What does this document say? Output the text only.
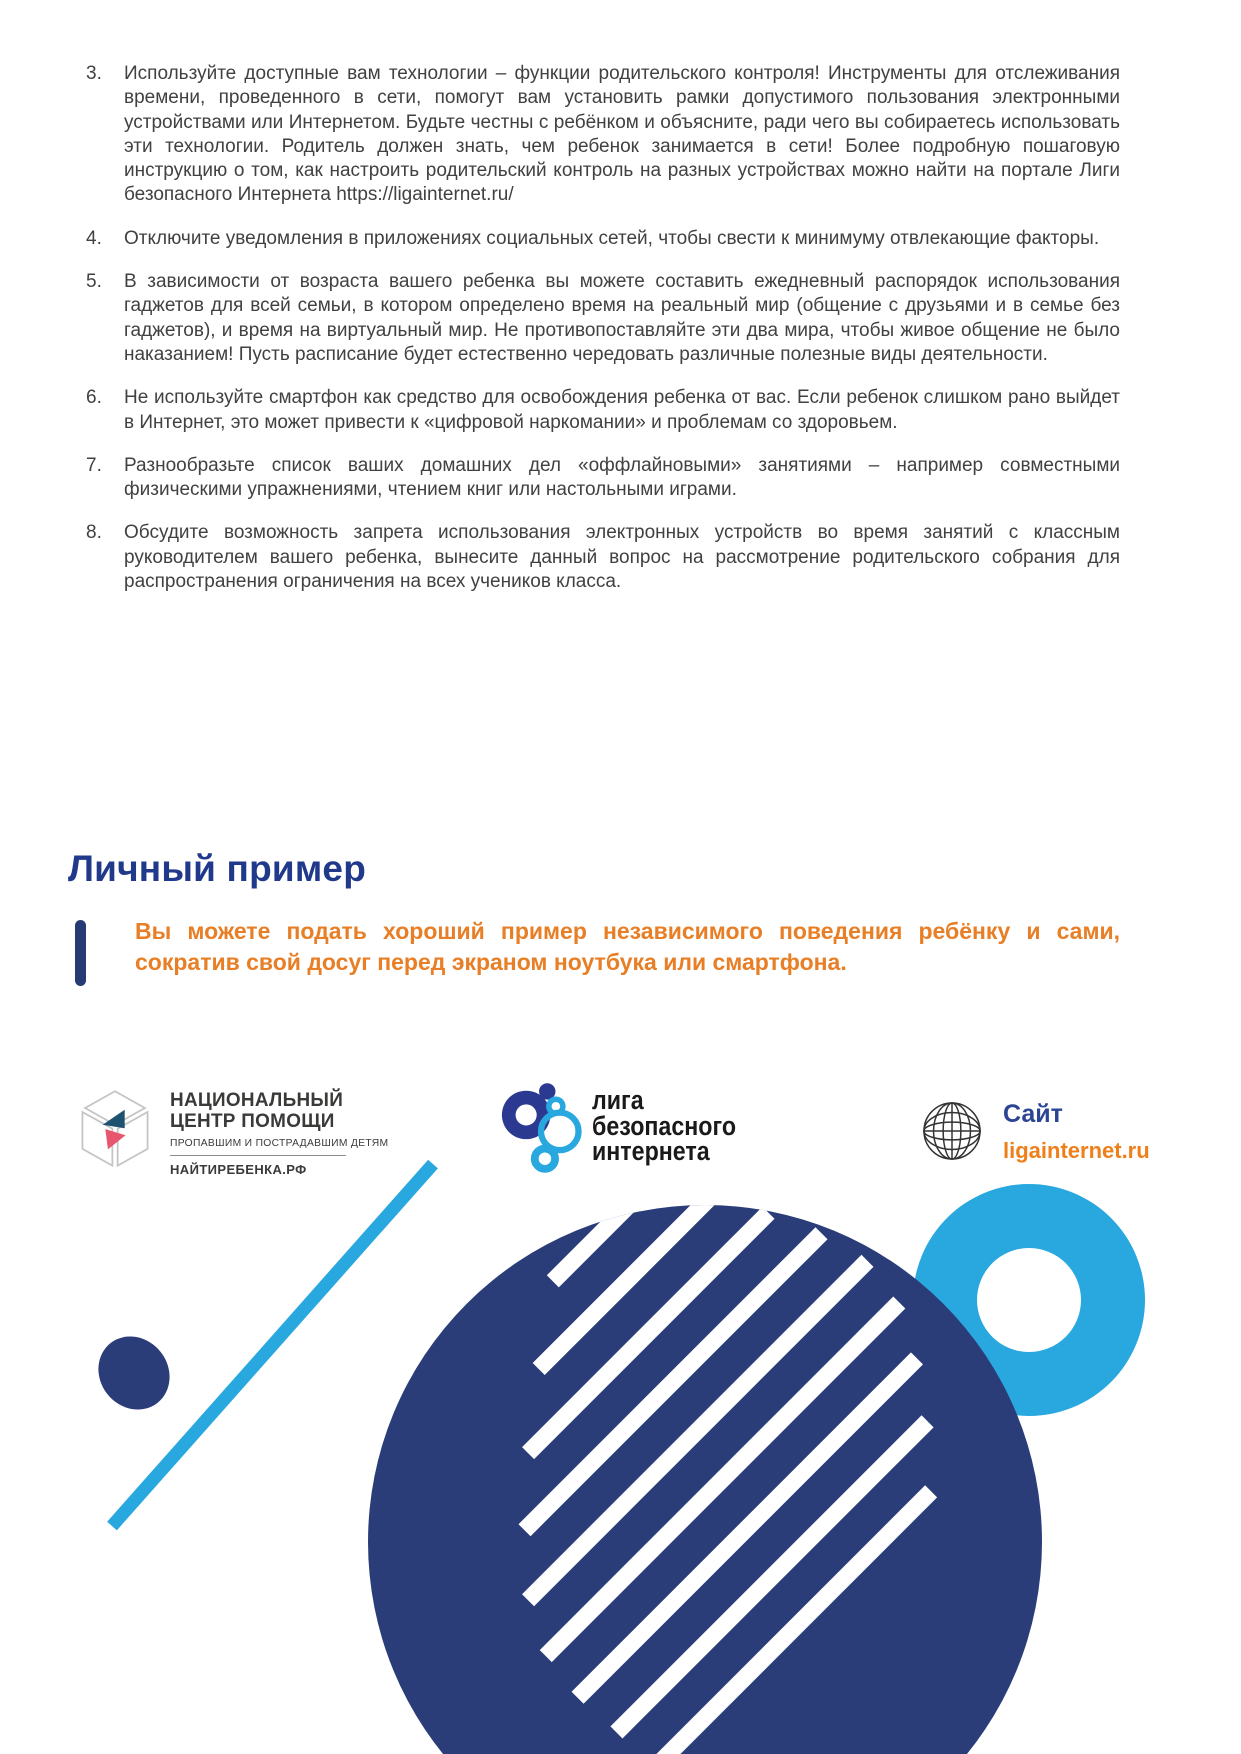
3.	Используйте доступные вам технологии – функции родительского контроля! Инструменты для отслеживания времени, проведенного в сети, помогут вам установить рамки допустимого пользования электронными устройствами или Интернетом. Будьте честны с ребёнком и объясните, ради чего вы собираетесь использовать эти технологии. Родитель должен знать, чем ребенок занимается в сети! Более подробную пошаговую инструкцию о том, как настроить родительский контроль на разных устройствах можно найти на портале Лиги безопасного Интернета https://ligainternet.ru/

4.	Отключите уведомления в приложениях социальных сетей, чтобы свести к минимуму отвлекающие факторы.

5.	В зависимости от возраста вашего ребенка вы можете составить ежедневный распорядок использования гаджетов для всей семьи, в котором определено время на реальный мир (общение с друзьями и в семье без гаджетов), и время на виртуальный мир. Не противопоставляйте эти два мира, чтобы живое общение не было наказанием! Пусть расписание будет естественно чередовать различные полезные виды деятельности.

6.	Не используйте смартфон как средство для освобождения ребенка от вас. Если ребенок слишком рано выйдет в Интернет, это может привести к «цифровой наркомании» и проблемам со здоровьем.

7.	Разнообразьте список ваших домашних дел «оффлайновыми» занятиями – например совместными физическими упражнениями, чтением книг или настольными играми.

8.	Обсудите возможность запрета использования электронных устройств во время занятий с классным руководителем вашего ребенка, вынесите данный вопрос на рассмотрение родительского собрания для распространения ограничения на всех учеников класса.

Личный пример
Вы можете подать хороший пример независимого поведения ребёнку и сами, сократив свой досуг перед экраном ноутбука или смартфона.
НАЦИОНАЛЬНЫЙ
ЦЕНТР ПОМОЩИ
ПРОПАВШИМ И ПОСТРАДАВШИМ ДЕТЯМ
НАЙТИРЕБЕНКА.РФ
лига
безопасного
интернета
Сайт
ligainternet.ru
